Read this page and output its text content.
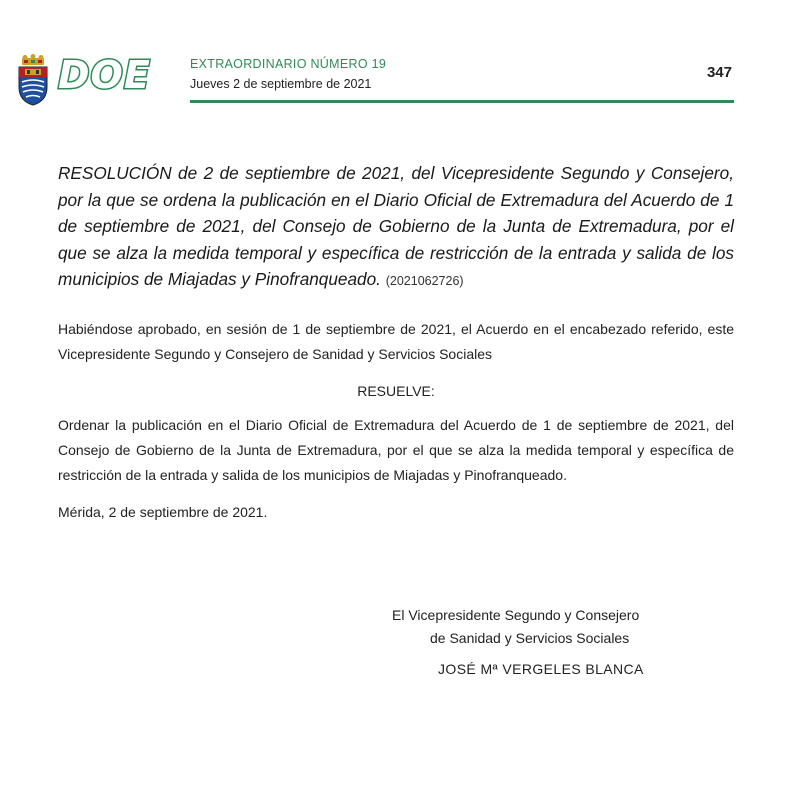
DOE	EXTRAORDINARIO NÚMERO 19
Jueves 2 de septiembre de 2021
347

RESOLUCIÓN de 2 de septiembre de 2021, del Vicepresidente Segundo y Consejero, por la que se ordena la publicación en el Diario Oficial de Extremadura del Acuerdo de 1 de septiembre de 2021, del Consejo de Gobierno de la Junta de Extremadura, por el que se alza la medida temporal y específica de restricción de la entrada y salida de los municipios de Miajadas y Pinofranqueado. (2021062726)

Habiéndose aprobado, en sesión de 1 de septiembre de 2021, el Acuerdo en el encabezado referido, este Vicepresidente Segundo y Consejero de Sanidad y Servicios Sociales

RESUELVE:

Ordenar la publicación en el Diario Oficial de Extremadura del Acuerdo de 1 de septiembre de 2021, del Consejo de Gobierno de la Junta de Extremadura, por el que se alza la medida temporal y específica de restricción de la entrada y salida de los municipios de Miajadas y Pinofranqueado.

Mérida, 2 de septiembre de 2021.

El Vicepresidente Segundo y Consejero
de Sanidad y Servicios Sociales
JOSÉ Mª VERGELES BLANCA
